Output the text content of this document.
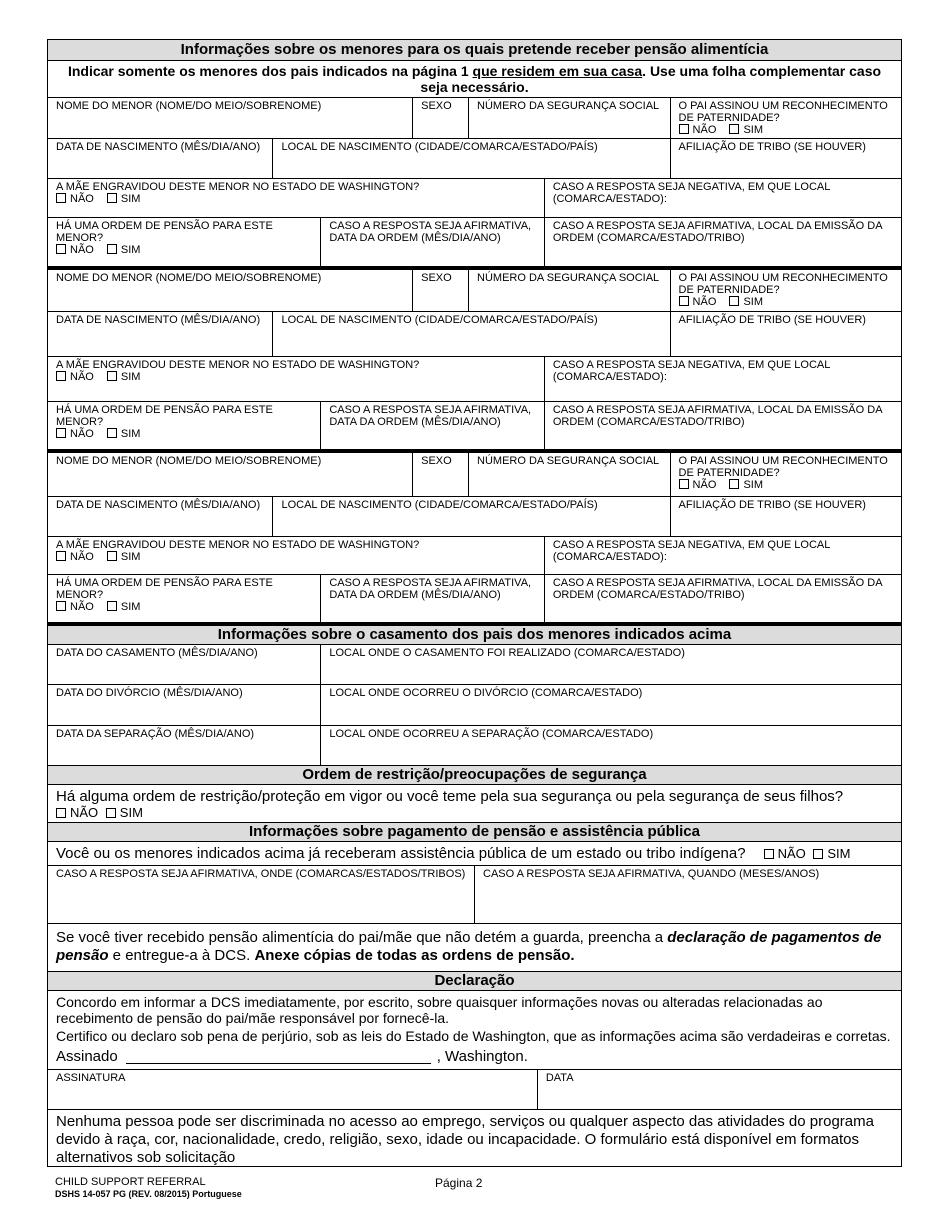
Informações sobre os menores para os quais pretende receber pensão alimentícia
Indicar somente os menores dos pais indicados na página 1 que residem em sua casa. Use uma folha complementar caso seja necessário.
NOME DO MENOR (NOME/DO MEIO/SOBRENOME)	SEXO	NÚMERO DA SEGURANÇA SOCIAL	O PAI ASSINOU UM RECONHECIMENTO DE PATERNIDADE?
NÃO SIM
DATA DE NASCIMENTO (MÊS/DIA/ANO)	LOCAL DE NASCIMENTO (CIDADE/COMARCA/ESTADO/PAÍS)	AFILIAÇÃO DE TRIBO (SE HOUVER)
A MÃE ENGRAVIDOU DESTE MENOR NO ESTADO DE WASHINGTON?
NÃO SIM
CASO A RESPOSTA SEJA NEGATIVA, EM QUE LOCAL (COMARCA/ESTADO):
HÁ UMA ORDEM DE PENSÃO PARA ESTE MENOR?
NÃO SIM
CASO A RESPOSTA SEJA AFIRMATIVA, DATA DA ORDEM (MÊS/DIA/ANO)
CASO A RESPOSTA SEJA AFIRMATIVA, LOCAL DA EMISSÃO DA ORDEM (COMARCA/ESTADO/TRIBO)
NOME DO MENOR (NOME/DO MEIO/SOBRENOME)	SEXO	NÚMERO DA SEGURANÇA SOCIAL	O PAI ASSINOU UM RECONHECIMENTO DE PATERNIDADE?
NÃO SIM
DATA DE NASCIMENTO (MÊS/DIA/ANO)	LOCAL DE NASCIMENTO (CIDADE/COMARCA/ESTADO/PAÍS)	AFILIAÇÃO DE TRIBO (SE HOUVER)
A MÃE ENGRAVIDOU DESTE MENOR NO ESTADO DE WASHINGTON?
NÃO SIM
CASO A RESPOSTA SEJA NEGATIVA, EM QUE LOCAL (COMARCA/ESTADO):
HÁ UMA ORDEM DE PENSÃO PARA ESTE MENOR?
NÃO SIM
CASO A RESPOSTA SEJA AFIRMATIVA, DATA DA ORDEM (MÊS/DIA/ANO)
CASO A RESPOSTA SEJA AFIRMATIVA, LOCAL DA EMISSÃO DA ORDEM (COMARCA/ESTADO/TRIBO)
NOME DO MENOR (NOME/DO MEIO/SOBRENOME)	SEXO	NÚMERO DA SEGURANÇA SOCIAL	O PAI ASSINOU UM RECONHECIMENTO DE PATERNIDADE?
NÃO SIM
DATA DE NASCIMENTO (MÊS/DIA/ANO)	LOCAL DE NASCIMENTO (CIDADE/COMARCA/ESTADO/PAÍS)	AFILIAÇÃO DE TRIBO (SE HOUVER)
A MÃE ENGRAVIDOU DESTE MENOR NO ESTADO DE WASHINGTON?
NÃO SIM
CASO A RESPOSTA SEJA NEGATIVA, EM QUE LOCAL (COMARCA/ESTADO):
HÁ UMA ORDEM DE PENSÃO PARA ESTE MENOR?
NÃO SIM
CASO A RESPOSTA SEJA AFIRMATIVA, DATA DA ORDEM (MÊS/DIA/ANO)
CASO A RESPOSTA SEJA AFIRMATIVA, LOCAL DA EMISSÃO DA ORDEM (COMARCA/ESTADO/TRIBO)
Informações sobre o casamento dos pais dos menores indicados acima
DATA DO CASAMENTO (MÊS/DIA/ANO)	LOCAL ONDE O CASAMENTO FOI REALIZADO (COMARCA/ESTADO)
DATA DO DIVÓRCIO (MÊS/DIA/ANO)	LOCAL ONDE OCORREU O DIVÓRCIO (COMARCA/ESTADO)
DATA DA SEPARAÇÃO (MÊS/DIA/ANO)	LOCAL ONDE OCORREU A SEPARAÇÃO (COMARCA/ESTADO)
Ordem de restrição/preocupações de segurança
Há alguma ordem de restrição/proteção em vigor ou você teme pela sua segurança ou pela segurança de seus filhos?
NÃO SIM
Informações sobre pagamento de pensão e assistência pública
Você ou os menores indicados acima já receberam assistência pública de um estado ou tribo indígena?	NÃO SIM
CASO A RESPOSTA SEJA AFIRMATIVA, ONDE (COMARCAS/ESTADOS/TRIBOS)	CASO A RESPOSTA SEJA AFIRMATIVA, QUANDO (MESES/ANOS)
Se você tiver recebido pensão alimentícia do pai/mãe que não detém a guarda, preencha a declaração de pagamentos de pensão e entregue-a à DCS. Anexe cópias de todas as ordens de pensão.
Declaração
Concordo em informar a DCS imediatamente, por escrito, sobre quaisquer informações novas ou alteradas relacionadas ao recebimento de pensão do pai/mãe responsável por fornecê-la.
Certifico ou declaro sob pena de perjúrio, sob as leis do Estado de Washington, que as informações acima são verdadeiras e corretas.
Assinado	, Washington.
ASSINATURA	DATA
Nenhuma pessoa pode ser discriminada no acesso ao emprego, serviços ou qualquer aspecto das atividades do programa devido à raça, cor, nacionalidade, credo, religião, sexo, idade ou incapacidade. O formulário está disponível em formatos alternativos sob solicitação
CHILD SUPPORT REFERRAL
DSHS 14-057 PG (REV. 08/2015) Portuguese
Página 2
